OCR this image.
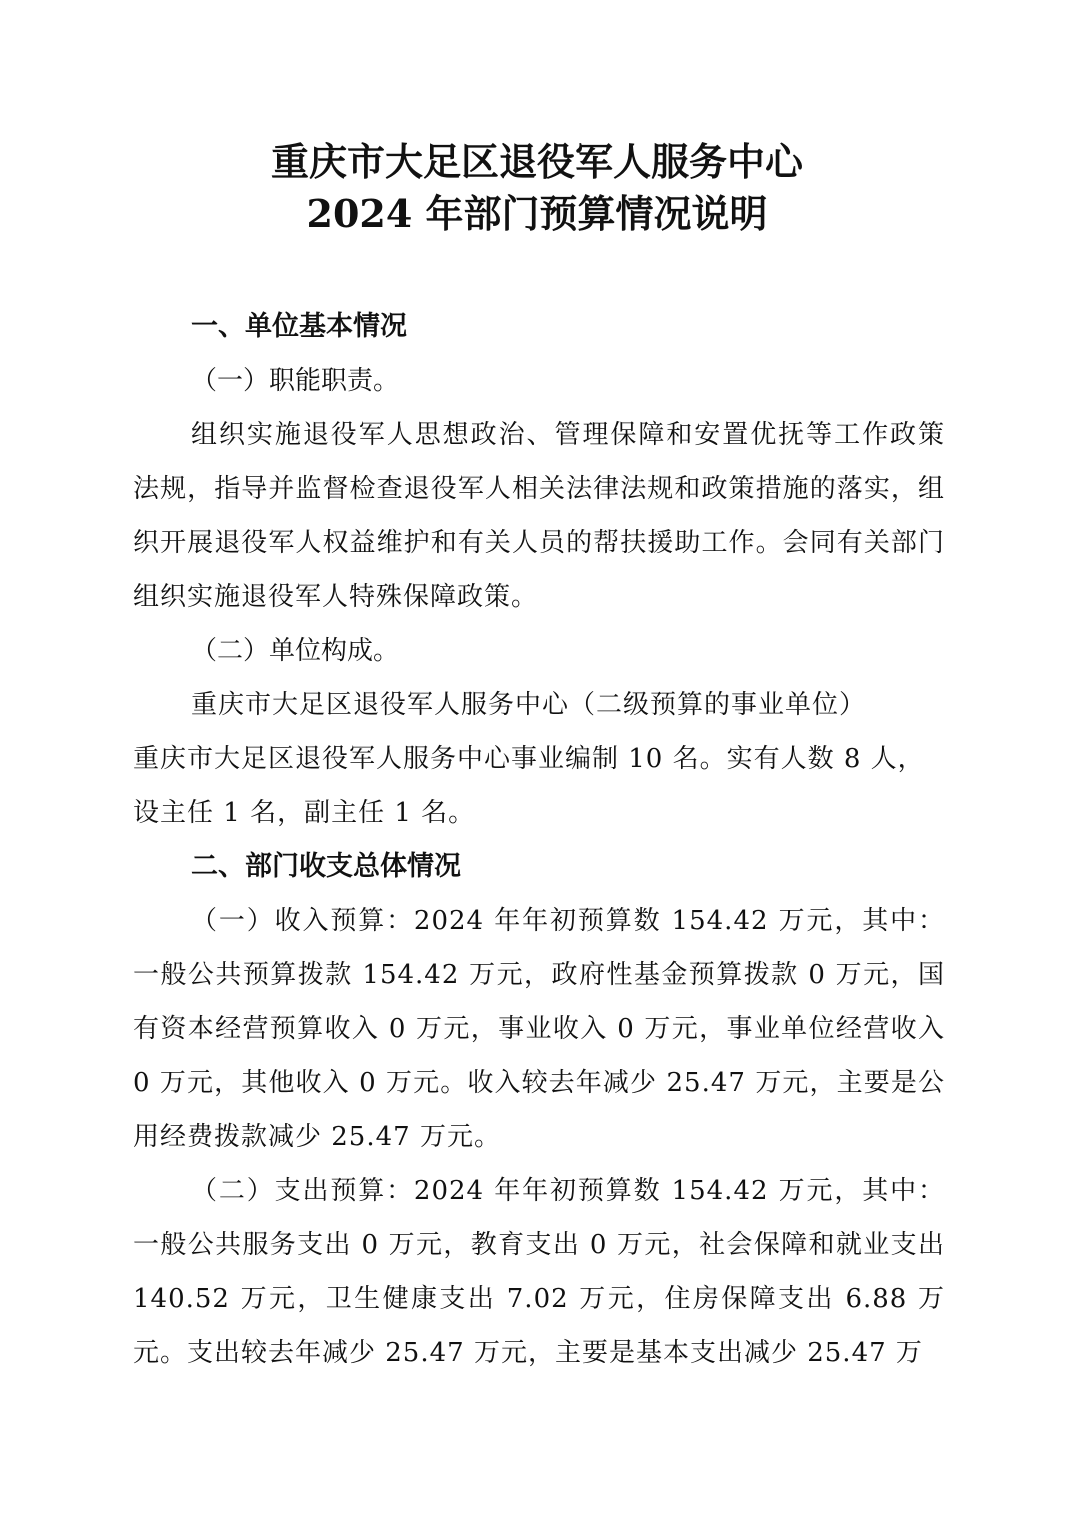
重庆市大足区退役军人服务中心
2024 年部门预算情况说明
一、单位基本情况

（一）职能职责。

组织实施退役军人思想政治、管理保障和安置优抚等工作政策法规，指导并监督检查退役军人相关法律法规和政策措施的落实，组织开展退役军人权益维护和有关人员的帮扶援助工作。会同有关部门组织实施退役军人特殊保障政策。

（二）单位构成。

重庆市大足区退役军人服务中心（二级预算的事业单位）

重庆市大足区退役军人服务中心事业编制 10 名。实有人数 8 人，设主任 1 名，副主任 1 名。

二、部门收支总体情况

（一）收入预算：2024 年年初预算数 154.42 万元，其中：一般公共预算拨款 154.42 万元，政府性基金预算拨款 0 万元，国有资本经营预算收入 0 万元，事业收入 0 万元，事业单位经营收入 0 万元，其他收入 0 万元。收入较去年减少 25.47 万元，主要是公用经费拨款减少 25.47 万元。

（二）支出预算：2024 年年初预算数 154.42 万元，其中：一般公共服务支出 0 万元，教育支出 0 万元，社会保障和就业支出 140.52 万元，卫生健康支出 7.02 万元，住房保障支出 6.88 万元。支出较去年减少 25.47 万元，主要是基本支出减少 25.47 万
